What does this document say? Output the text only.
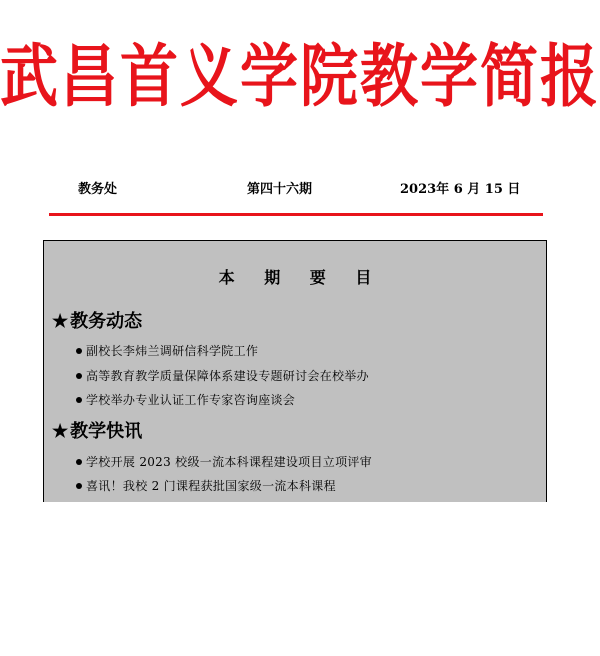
武昌首义学院教学简报
教务处	第四十六期	2023年 6 月 15 日
本 期 要 目
★ 教务动态
副校长李炜兰调研信科学院工作
高等教育教学质量保障体系建设专题研讨会在校举办
学校举办专业认证工作专家咨询座谈会
★ 教学快讯
学校开展 2023 校级一流本科课程建设项目立项评审
喜讯！我校 2 门课程获批国家级一流本科课程
